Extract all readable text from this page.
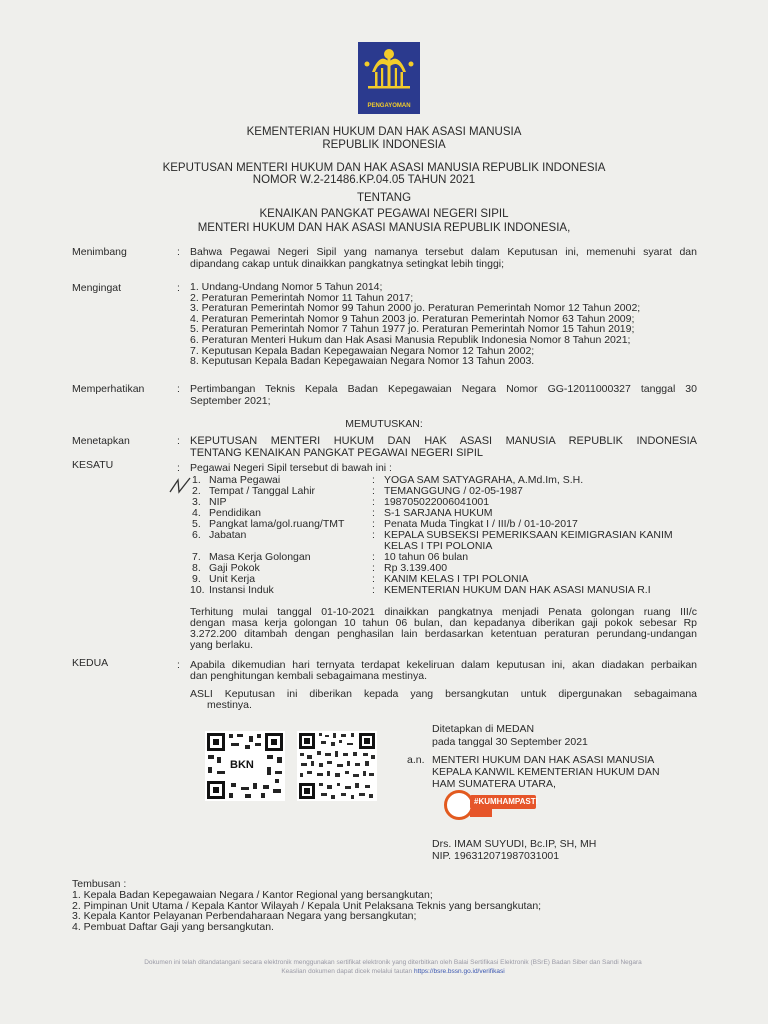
PENGAYOMAN
KEMENTERIAN HUKUM DAN HAK ASASI MANUSIA
REPUBLIK INDONESIA
KEPUTUSAN MENTERI HUKUM DAN HAK ASASI MANUSIA REPUBLIK INDONESIA
NOMOR W.2-21486.KP.04.05 TAHUN 2021
TENTANG
KENAIKAN PANGKAT PEGAWAI NEGERI SIPIL
MENTERI HUKUM DAN HAK ASASI MANUSIA REPUBLIK INDONESIA,
Menimbang	: Bahwa Pegawai Negeri Sipil yang namanya tersebut dalam Keputusan ini, memenuhi syarat dan
dipandang cakap untuk dinaikkan pangkatnya setingkat lebih tinggi;
Mengingat	: 1. Undang-Undang Nomor 5 Tahun 2014;
2. Peraturan Pemerintah Nomor 11 Tahun 2017;
3. Peraturan Pemerintah Nomor 99 Tahun 2000 jo. Peraturan Pemerintah Nomor 12 Tahun 2002;
4. Peraturan Pemerintah Nomor 9 Tahun 2003 jo. Peraturan Pemerintah Nomor 63 Tahun 2009;
5. Peraturan Pemerintah Nomor 7 Tahun 1977 jo. Peraturan Pemerintah Nomor 15 Tahun 2019;
6. Peraturan Menteri Hukum dan Hak Asasi Manusia Republik Indonesia Nomor 8 Tahun 2021;
7. Keputusan Kepala Badan Kepegawaian Negara Nomor 12 Tahun 2002;
8. Keputusan Kepala Badan Kepegawaian Negara Nomor 13 Tahun 2003.
Memperhatikan	: Pertimbangan Teknis Kepala Badan Kepegawaian Negara Nomor GG-12011000327 tanggal 30
September 2021;
MEMUTUSKAN:
Menetapkan	: KEPUTUSAN MENTERI HUKUM DAN HAK ASASI MANUSIA REPUBLIK INDONESIA
TENTANG KENAIKAN PANGKAT PEGAWAI NEGERI SIPIL
KESATU	: Pegawai Negeri Sipil tersebut di bawah ini :
1. Nama Pegawai	: YOGA SAM SATYAGRAHA, A.Md.Im, S.H.
2. Tempat / Tanggal Lahir	: TEMANGGUNG / 02-05-1987
3. NIP	: 198705022006041001
4. Pendidikan	: S-1 SARJANA HUKUM
5. Pangkat lama/gol.ruang/TMT	: Penata Muda Tingkat I / III/b / 01-10-2017
6. Jabatan	: KEPALA SUBSEKSI PEMERIKSAAN KEIMIGRASIAN KANIM
KELAS I TPI POLONIA
7. Masa Kerja Golongan	: 10 tahun 06 bulan
8. Gaji Pokok	: Rp 3.139.400
9. Unit Kerja	: KANIM KELAS I TPI POLONIA
10. Instansi Induk	: KEMENTERIAN HUKUM DAN HAK ASASI MANUSIA R.I
Terhitung mulai tanggal 01-10-2021 dinaikkan pangkatnya menjadi Penata golongan ruang III/c
dengan masa kerja golongan 10 tahun 06 bulan, dan kepadanya diberikan gaji pokok sebesar Rp
3.272.200 ditambah dengan penghasilan lain berdasarkan ketentuan peraturan perundang-undangan
yang berlaku.
KEDUA	: Apabila dikemudian hari ternyata terdapat kekeliruan dalam keputusan ini, akan diadakan perbaikan
dan penghitungan kembali sebagaimana mestinya.
ASLI Keputusan ini diberikan kepada yang bersangkutan untuk dipergunakan sebagaimana
mestinya.
BKN
Ditetapkan di MEDAN
pada tanggal 30 September 2021
a.n. MENTERI HUKUM DAN HAK ASASI MANUSIA
KEPALA KANWIL KEMENTERIAN HUKUM DAN
HAM SUMATERA UTARA,
#KUMHAMPASTI
Drs. IMAM SUYUDI, Bc.IP, SH, MH
NIP. 196312071987031001
Tembusan :
1. Kepala Badan Kepegawaian Negara / Kantor Regional yang bersangkutan;
2. Pimpinan Unit Utama / Kepala Kantor Wilayah / Kepala Unit Pelaksana Teknis yang bersangkutan;
3. Kepala Kantor Pelayanan Perbendaharaan Negara yang bersangkutan;
4. Pembuat Daftar Gaji yang bersangkutan.
Dokumen ini telah ditandatangani secara elektronik menggunakan sertifikat elektronik yang diterbitkan oleh Balai Sertifikasi Elektronik (BSrE) Badan Siber dan Sandi Negara
Keaslian dokumen dapat dicek melalui tautan https://bsre.bssn.go.id/verifikasi
